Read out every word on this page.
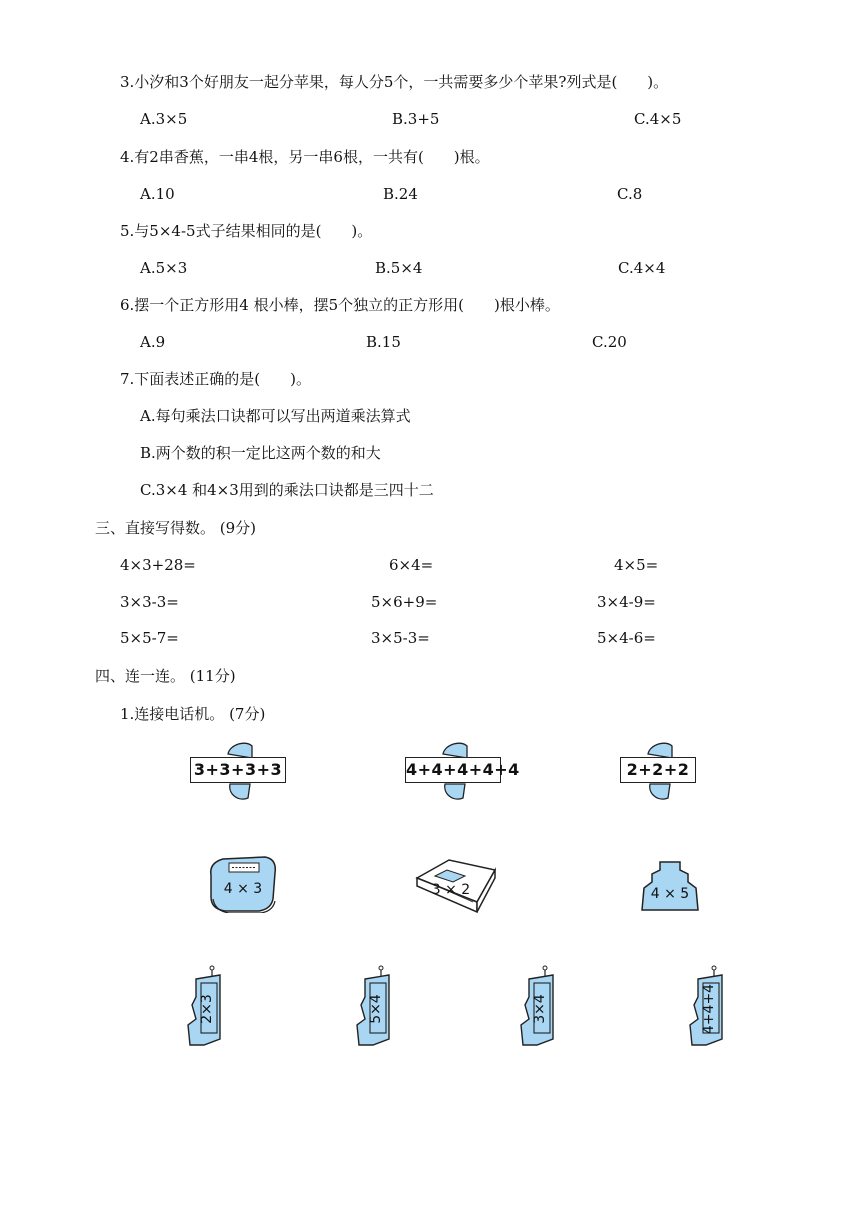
3.小汐和3个好朋友一起分苹果，每人分5个，一共需要多少个苹果?列式是(　　)。
A.3×5	B.3+5	C.4×5
4.有2串香蕉，一串4根，另一串6根，一共有(　　)根。
A.10	B.24	C.8
5.与5×4-5式子结果相同的是(　　)。
A.5×3	B.5×4	C.4×4
6.摆一个正方形用4 根小棒，摆5个独立的正方形用(　　)根小棒。
A.9	B.15	C.20
7.下面表述正确的是(　　)。
A.每句乘法口诀都可以写出两道乘法算式
B.两个数的积一定比这两个数的和大
C.3×4 和4×3用到的乘法口诀都是三四十二
三、直接写得数。 (9分)
4×3+28=	6×4=	4×5=
3×3-3=	5×6+9=	3×4-9=
5×5-7=	3×5-3=	5×4-6=
四、连一连。 (11分)
1.连接电话机。 (7分)
3+3+3+3	4+4+4+4+4	2+2+2
4 × 3	3 × 2	4 × 5
2×3	5×4	3×4	4+4+4
